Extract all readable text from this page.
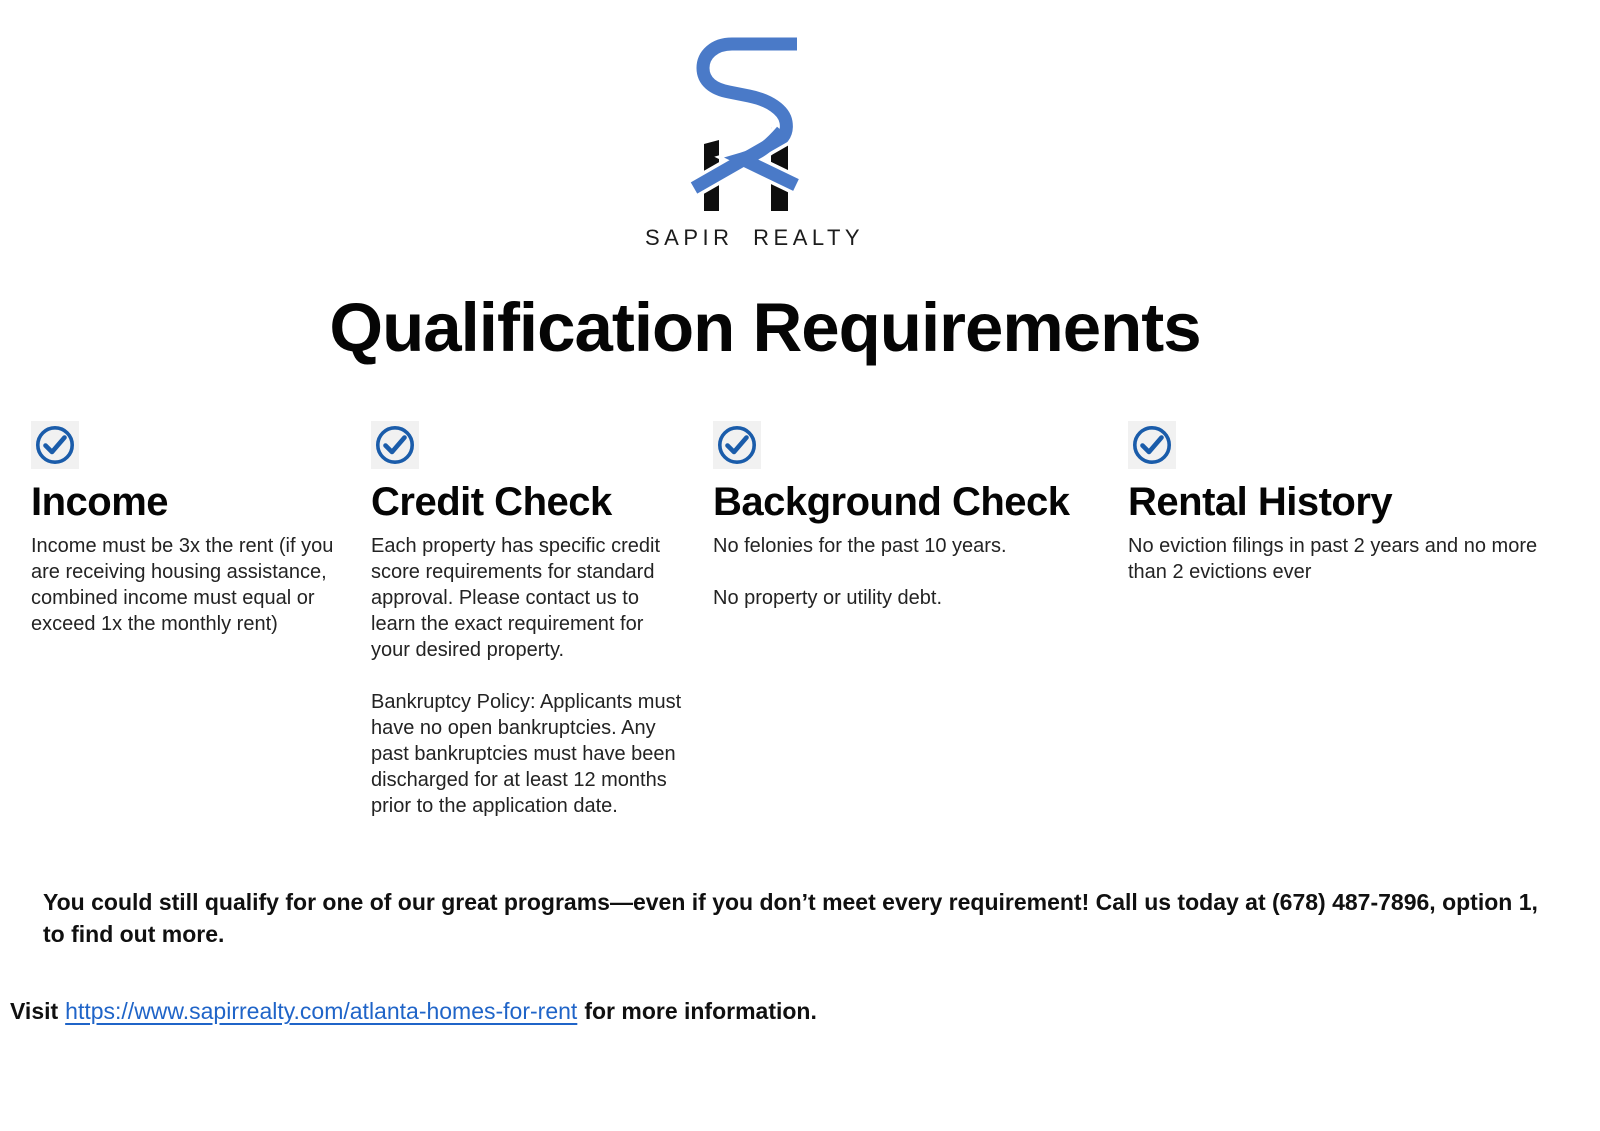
SAPIR REALTY
Qualification Requirements
Income

Income must be 3x the rent (if you are receiving housing assistance, combined income must equal or exceed 1x the monthly rent)

Credit Check

Each property has specific credit score requirements for standard approval. Please contact us to learn the exact requirement for your desired property.

Bankruptcy Policy: Applicants must have no open bankruptcies. Any past bankruptcies must have been discharged for at least 12 months prior to the application date.

Background Check

No felonies for the past 10 years.

No property or utility debt.

Rental History

No eviction filings in past 2 years and no more than 2 evictions ever

You could still qualify for one of our great programs—even if you don’t meet every requirement! Call us today at (678) 487-7896, option 1, to find out more.

Visit https://www.sapirrealty.com/atlanta-homes-for-rent for more information.
